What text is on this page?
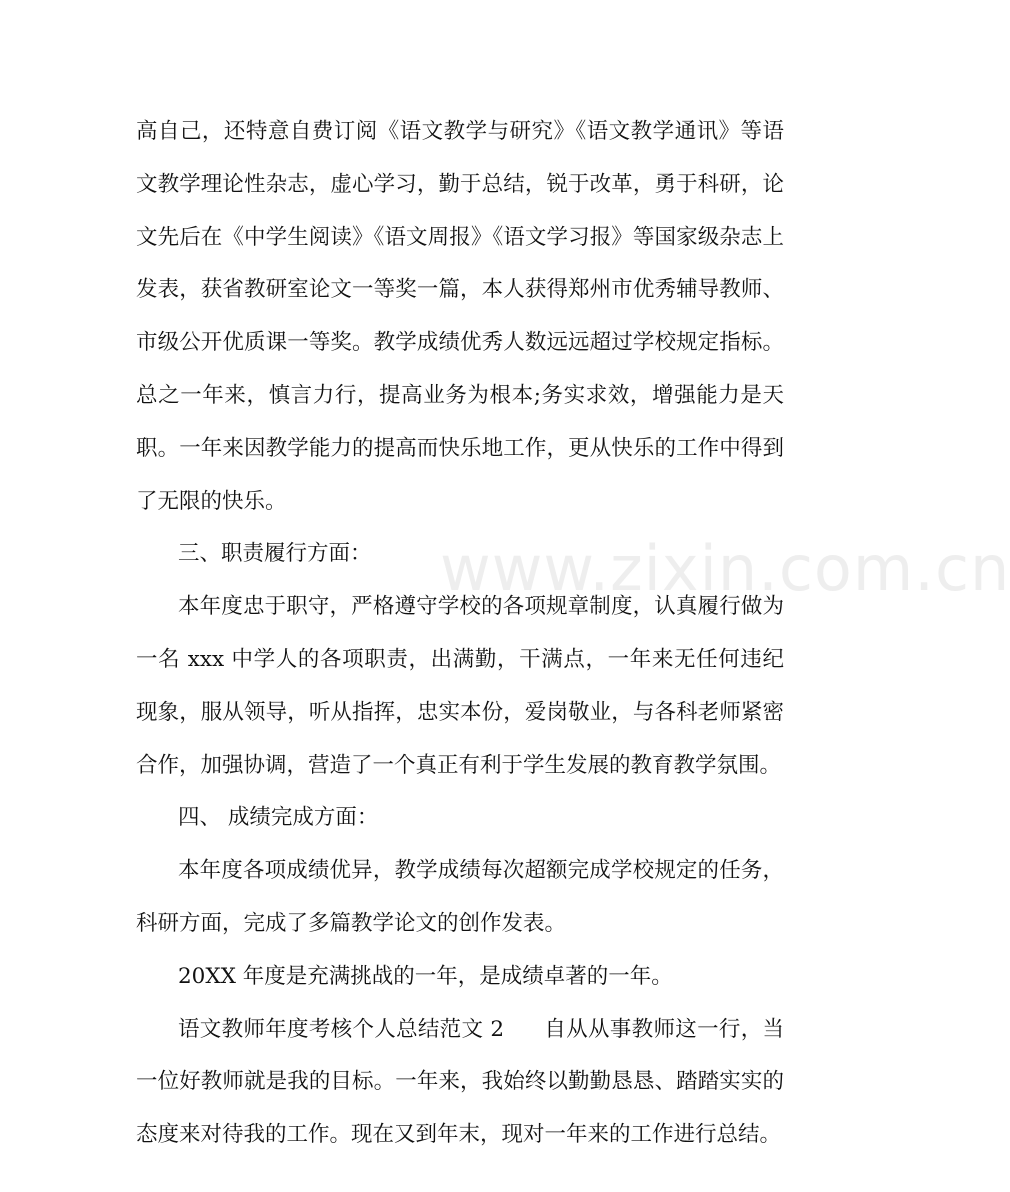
高自己，还特意自费订阅《语文教学与研究》《语文教学通讯》等语文教学理论性杂志，虚心学习，勤于总结，锐于改革，勇于科研，论文先后在《中学生阅读》《语文周报》《语文学习报》等国家级杂志上发表，获省教研室论文一等奖一篇，本人获得郑州市优秀辅导教师、市级公开优质课一等奖。教学成绩优秀人数远远超过学校规定指标。总之一年来，慎言力行，提高业务为根本;务实求效，增强能力是天职。一年来因教学能力的提高而快乐地工作，更从快乐的工作中得到了无限的快乐。

三、职责履行方面：

本年度忠于职守，严格遵守学校的各项规章制度，认真履行做为一名 xxx 中学人的各项职责，出满勤，干满点，一年来无任何违纪现象，服从领导，听从指挥，忠实本份，爱岗敬业，与各科老师紧密合作，加强协调，营造了一个真正有利于学生发展的教育教学氛围。

四、 成绩完成方面：

本年度各项成绩优异，教学成绩每次超额完成学校规定的任务，科研方面，完成了多篇教学论文的创作发表。

20XX 年度是充满挑战的一年，是成绩卓著的一年。

语文教师年度考核个人总结范文 2 自从从事教师这一行，当一位好教师就是我的目标。一年来，我始终以勤勤恳恳、踏踏实实的态度来对待我的工作。现在又到年末，现对一年来的工作进行总结。

www.zixin.com.cn
